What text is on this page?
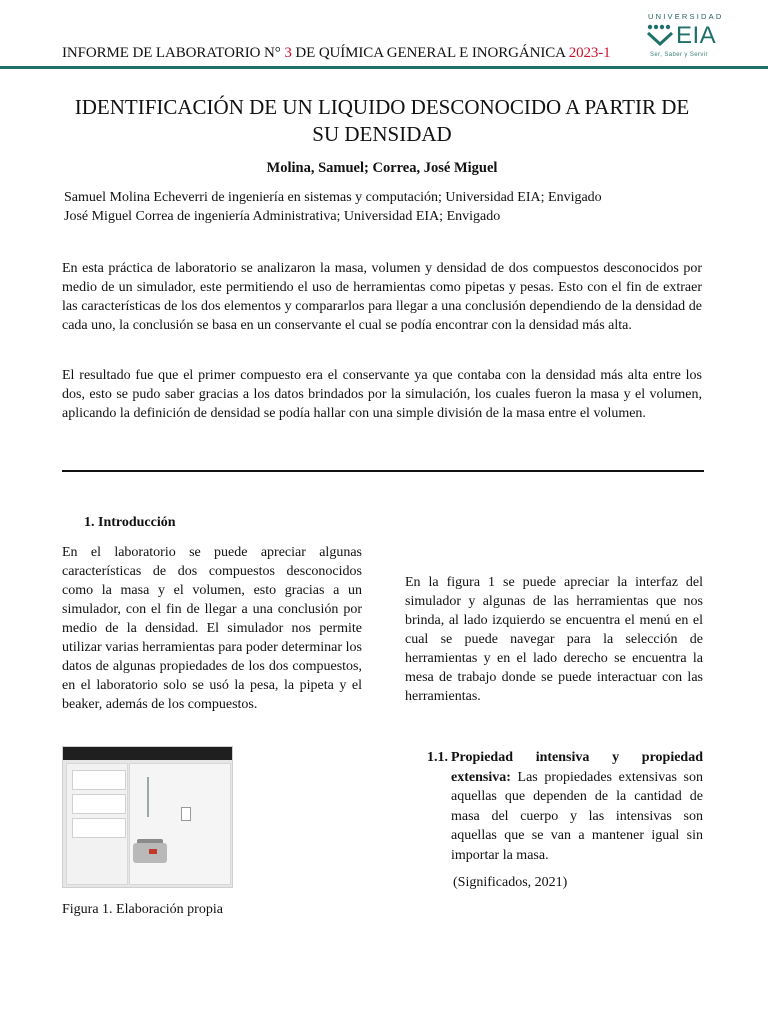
INFORME DE LABORATORIO N° 3 DE QUÍMICA GENERAL E INORGÁNICA 2023-1
UNIVERSIDAD
EIA
Ser, Saber y Servir
IDENTIFICACIÓN DE UN LIQUIDO DESCONOCIDO A PARTIR DE SU DENSIDAD
Molina, Samuel; Correa, José Miguel
Samuel Molina Echeverri de ingeniería en sistemas y computación; Universidad EIA; Envigado
José Miguel Correa de ingeniería Administrativa; Universidad EIA; Envigado
En esta práctica de laboratorio se analizaron la masa, volumen y densidad de dos compuestos desconocidos por medio de un simulador, este permitiendo el uso de herramientas como pipetas y pesas. Esto con el fin de extraer las características de los dos elementos y compararlos para llegar a una conclusión dependiendo de la densidad de cada uno, la conclusión se basa en un conservante el cual se podía encontrar con la densidad más alta.
El resultado fue que el primer compuesto era el conservante ya que contaba con la densidad más alta entre los dos, esto se pudo saber gracias a los datos brindados por la simulación, los cuales fueron la masa y el volumen, aplicando la definición de densidad se podía hallar con una simple división de la masa entre el volumen.
1. Introducción
En el laboratorio se puede apreciar algunas características de dos compuestos desconocidos como la masa y el volumen, esto gracias a un simulador, con el fin de llegar a una conclusión por medio de la densidad. El simulador nos permite utilizar varias herramientas para poder determinar los datos de algunas propiedades de los dos compuestos, en el laboratorio solo se usó la pesa, la pipeta y el beaker, además de los compuestos.
En la figura 1 se puede apreciar la interfaz del simulador y algunas de las herramientas que nos brinda, al lado izquierdo se encuentra el menú en el cual se puede navegar para la selección de herramientas y en el lado derecho se encuentra la mesa de trabajo donde se puede interactuar con las herramientas.
Figura 1. Elaboración propia
1.1. Propiedad intensiva y propiedad extensiva: Las propiedades extensivas son aquellas que dependen de la cantidad de masa del cuerpo y las intensivas son aquellas que se van a mantener igual sin importar la masa.
(Significados, 2021)
